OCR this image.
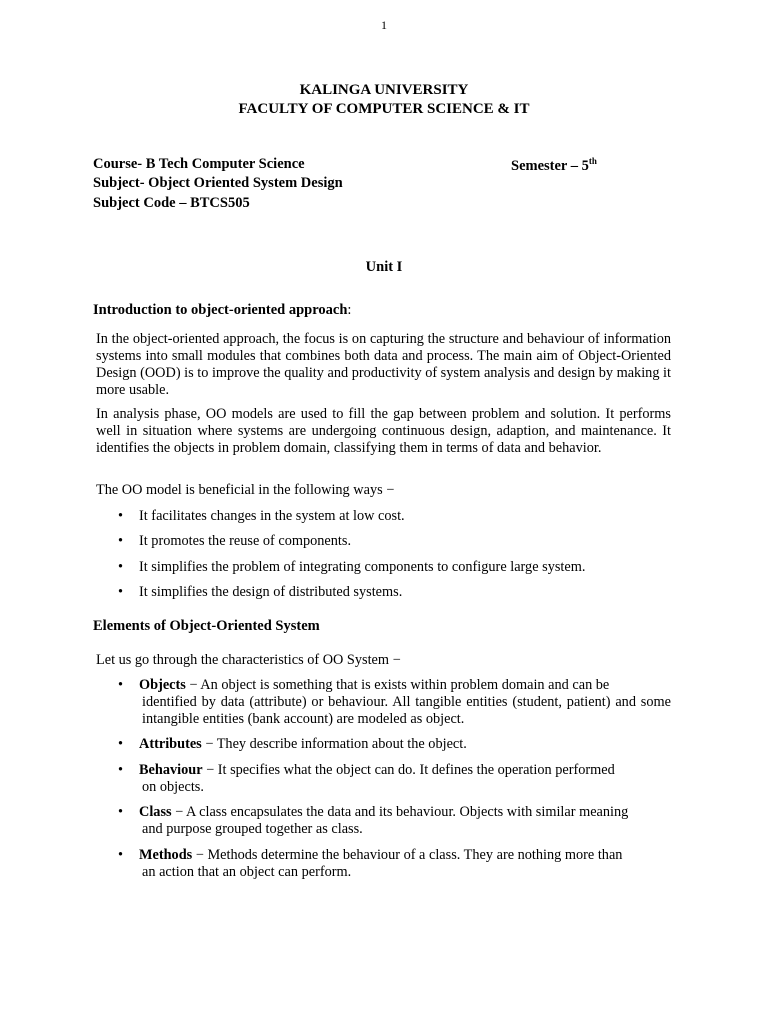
1
KALINGA UNIVERSITY
FACULTY OF COMPUTER SCIENCE & IT
Course- B Tech Computer Science	Semester – 5th
Subject- Object Oriented System Design
Subject Code – BTCS505
Unit I
Introduction to object-oriented approach:
In the object-oriented approach, the focus is on capturing the structure and behaviour of information systems into small modules that combines both data and process. The main aim of Object-Oriented Design (OOD) is to improve the quality and productivity of system analysis and design by making it more usable.
In analysis phase, OO models are used to fill the gap between problem and solution. It performs well in situation where systems are undergoing continuous design, adaption, and maintenance. It identifies the objects in problem domain, classifying them in terms of data and behavior.
The OO model is beneficial in the following ways −
• It facilitates changes in the system at low cost.
• It promotes the reuse of components.
• It simplifies the problem of integrating components to configure large system.
• It simplifies the design of distributed systems.
Elements of Object-Oriented System
Let us go through the characteristics of OO System −
• Objects − An object is something that is exists within problem domain and can be
identified by data (attribute) or behaviour. All tangible entities (student, patient) and some intangible entities (bank account) are modeled as object.
• Attributes − They describe information about the object.
• Behaviour − It specifies what the object can do. It defines the operation performed
on objects.
• Class − A class encapsulates the data and its behaviour. Objects with similar meaning
and purpose grouped together as class.
• Methods − Methods determine the behaviour of a class. They are nothing more than
an action that an object can perform.
